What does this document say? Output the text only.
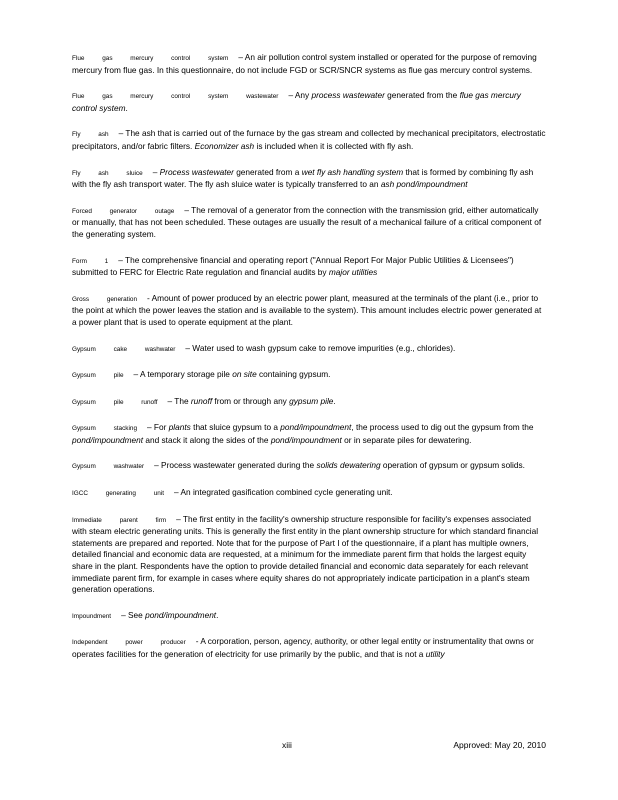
Flue gas mercury control system – An air pollution control system installed or operated for the purpose of removing mercury from flue gas. In this questionnaire, do not include FGD or SCR/SNCR systems as flue gas mercury control systems.

Flue gas mercury control system wastewater – Any process wastewater generated from the flue gas mercury control system.

Fly ash – The ash that is carried out of the furnace by the gas stream and collected by mechanical precipitators, electrostatic precipitators, and/or fabric filters. Economizer ash is included when it is collected with fly ash.

Fly ash sluice – Process wastewater generated from a wet fly ash handling system that is formed by combining fly ash with the fly ash transport water. The fly ash sluice water is typically transferred to an ash pond/impoundment

Forced generator outage – The removal of a generator from the connection with the transmission grid, either automatically or manually, that has not been scheduled. These outages are usually the result of a mechanical failure of a critical component of the generating system.

Form 1 – The comprehensive financial and operating report ("Annual Report For Major Public Utilities & Licensees") submitted to FERC for Electric Rate regulation and financial audits by major utilities

Gross generation - Amount of power produced by an electric power plant, measured at the terminals of the plant (i.e., prior to the point at which the power leaves the station and is available to the system). This amount includes electric power generated at a power plant that is used to operate equipment at the plant.

Gypsum cake washwater – Water used to wash gypsum cake to remove impurities (e.g., chlorides).

Gypsum pile – A temporary storage pile on site containing gypsum.

Gypsum pile runoff – The runoff from or through any gypsum pile.

Gypsum stacking – For plants that sluice gypsum to a pond/impoundment, the process used to dig out the gypsum from the pond/impoundment and stack it along the sides of the pond/impoundment or in separate piles for dewatering.

Gypsum washwater – Process wastewater generated during the solids dewatering operation of gypsum or gypsum solids.

IGCC generating unit – An integrated gasification combined cycle generating unit.

Immediate parent firm – The first entity in the facility's ownership structure responsible for facility's expenses associated with steam electric generating units. This is generally the first entity in the plant ownership structure for which standard financial statements are prepared and reported. Note that for the purpose of Part I of the questionnaire, if a plant has multiple owners, detailed financial and economic data are requested, at a minimum for the immediate parent firm that holds the largest equity share in the plant. Respondents have the option to provide detailed financial and economic data separately for each relevant immediate parent firm, for example in cases where equity shares do not appropriately indicate participation in a plant's steam generation operations.

Impoundment – See pond/impoundment.

Independent power producer - A corporation, person, agency, authority, or other legal entity or instrumentality that owns or operates facilities for the generation of electricity for use primarily by the public, and that is not a utility

xiii	Approved: May 20, 2010
